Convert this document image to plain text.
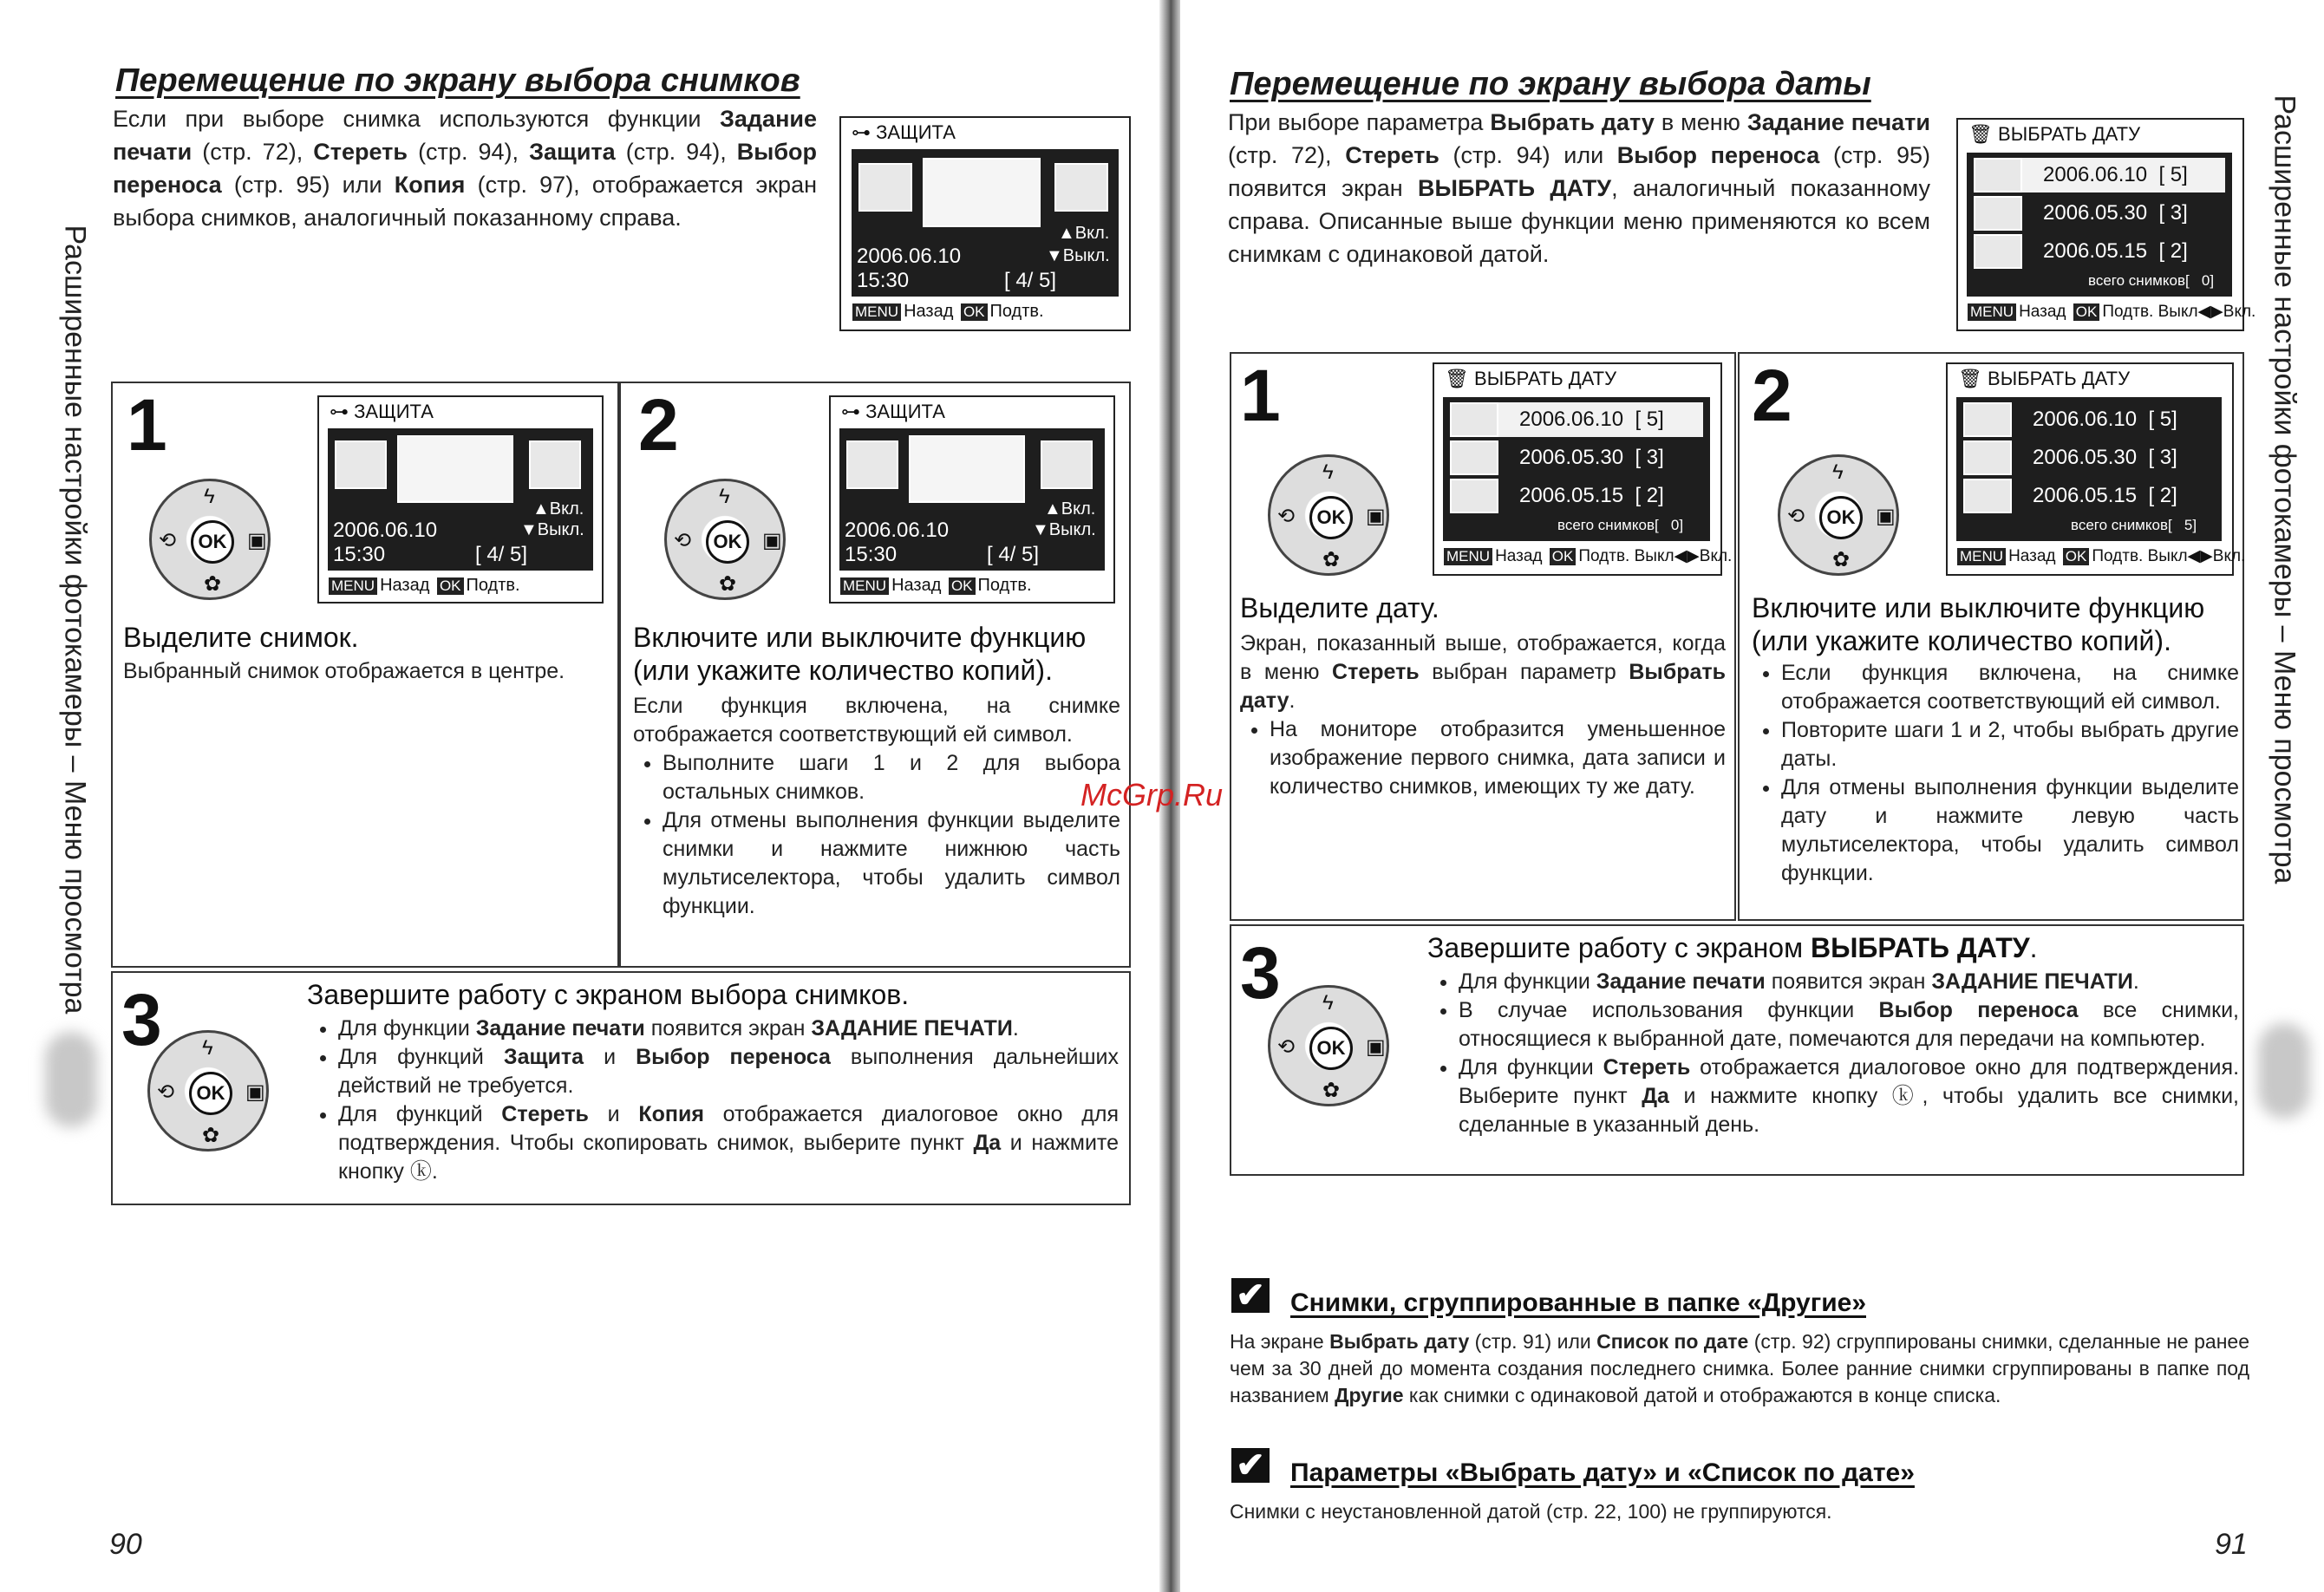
Перемещение по экрану выбора снимков
Если при выборе снимка используются функции Задание печати (стр. 72), Стереть (стр. 94), Защита (стр. 94), Выбор переноса (стр. 95) или Копия (стр. 97), отображается экран выбора снимков, аналогичный показанному справа.
⊶ ЗАЩИТА
▲Вкл.
▼Выкл.
2006.06.10
15:30	[ 4/ 5]
MENU Назад OK Подтв.
1
OK
ϟ
⟲	▣
✿
⊶ ЗАЩИТА
▲Вкл.
▼Выкл.
2006.06.10
15:30	[ 4/ 5]
MENU Назад OK Подтв.
Выделите снимок.
Выбранный снимок отображается в центре.
2
OK
ϟ
⟲	▣
✿
⊶ ЗАЩИТА
▲Вкл.
▼Выкл.
2006.06.10
15:30	[ 4/ 5]
MENU Назад OK Подтв.
Включите или выключите функцию (или укажите количество копий).
Если функция включена, на снимке отображается соответствующий ей символ.
• Выполните шаги 1 и 2 для выбора остальных снимков.
• Для отмены выполнения функции выделите снимки и нажмите нижнюю часть мультиселектора, чтобы удалить символ функции.
3
OK
ϟ
⟲	▣
✿
Завершите работу с экраном выбора снимков.
• Для функции Задание печати появится экран ЗАДАНИЕ ПЕЧАТИ.
• Для функций Защита и Выбор переноса выполнения дальнейших действий не требуется.
• Для функций Стереть и Копия отображается диалоговое окно для подтверждения. Чтобы скопировать снимок, выберите пункт Да и нажмите кнопку ⓚ.
Расширенные настройки фотокамеры – Меню просмотра
90
Перемещение по экрану выбора даты
При выборе параметра Выбрать дату в меню Задание печати (стр. 72), Стереть (стр. 94) или Выбор переноса (стр. 95) появится экран ВЫБРАТЬ ДАТУ, аналогичный показанному справа. Описанные выше функции меню применяются ко всем снимкам с одинаковой датой.
🗑 ВЫБРАТЬ ДАТУ
2006.06.10 [ 5]
2006.05.30 [ 3]
2006.05.15 [ 2]
всего снимков[ 0]
MENU Назад OK Подтв. Выкл◀▶Вкл.
1
OK
ϟ
⟲	▣
✿
🗑 ВЫБРАТЬ ДАТУ
2006.06.10 [ 5]
2006.05.30 [ 3]
2006.05.15 [ 2]
всего снимков[ 0]
MENU Назад OK Подтв. Выкл◀▶Вкл.
Выделите дату.
Экран, показанный выше, отображается, когда в меню Стереть выбран параметр Выбрать дату.
• На мониторе отобразится уменьшенное изображение первого снимка, дата записи и количество снимков, имеющих ту же дату.
2
OK
ϟ
⟲	▣
✿
🗑 ВЫБРАТЬ ДАТУ
2006.06.10 [ 5]
2006.05.30 [ 3]
2006.05.15 [ 2]
всего снимков[ 5]
MENU Назад OK Подтв. Выкл◀▶Вкл.
Включите или выключите функцию (или укажите количество копий).
• Если функция включена, на снимке отображается соответствующий ей символ.
• Повторите шаги 1 и 2, чтобы выбрать другие даты.
• Для отмены выполнения функции выделите дату и нажмите левую часть мультиселектора, чтобы удалить символ функции.
3
OK
ϟ
⟲	▣
✿
Завершите работу с экраном ВЫБРАТЬ ДАТУ.
• Для функции Задание печати появится экран ЗАДАНИЕ ПЕЧАТИ.
• В случае использования функции Выбор переноса все снимки, относящиеся к выбранной дате, помечаются для передачи на компьютер.
• Для функции Стереть отображается диалоговое окно для подтверждения. Выберите пункт Да и нажмите кнопку ⓚ, чтобы удалить все снимки, сделанные в указанный день.
✔ Снимки, сгруппированные в папке «Другие»
На экране Выбрать дату (стр. 91) или Список по дате (стр. 92) сгруппированы снимки, сделанные не ранее чем за 30 дней до момента создания последнего снимка. Более ранние снимки сгруппированы в папке под названием Другие как снимки с одинаковой датой и отображаются в конце списка.
✔ Параметры «Выбрать дату» и «Список по дате»
Снимки с неустановленной датой (стр. 22, 100) не группируются.
Расширенные настройки фотокамеры – Меню просмотра
91
McGrp.Ru
